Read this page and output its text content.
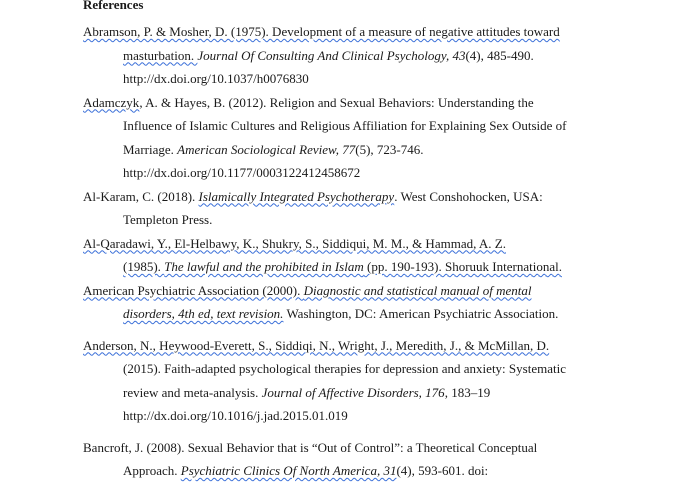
References
Abramson, P. & Mosher, D. (1975). Development of a measure of negative attitudes toward
masturbation. Journal Of Consulting And Clinical Psychology, 43(4), 485-490.
http://dx.doi.org/10.1037/h0076830
Adamczyk, A. & Hayes, B. (2012). Religion and Sexual Behaviors: Understanding the
Influence of Islamic Cultures and Religious Affiliation for Explaining Sex Outside of
Marriage. American Sociological Review, 77(5), 723-746.
http://dx.doi.org/10.1177/0003122412458672
Al-Karam, C. (2018). Islamically Integrated Psychotherapy. West Conshohocken, USA:
Templeton Press.
Al-Qaradawi, Y., El-Helbawy, K., Shukry, S., Siddiqui, M. M., & Hammad, A. Z.
(1985). The lawful and the prohibited in Islam (pp. 190-193). Shoruuk International.
American Psychiatric Association (2000). Diagnostic and statistical manual of mental
disorders, 4th ed, text revision. Washington, DC: American Psychiatric Association.
Anderson, N., Heywood-Everett, S., Siddiqi, N., Wright, J., Meredith, J., & McMillan, D.
(2015). Faith-adapted psychological therapies for depression and anxiety: Systematic
review and meta-analysis. Journal of Affective Disorders, 176, 183–19
http://dx.doi.org/10.1016/j.jad.2015.01.019
Bancroft, J. (2008). Sexual Behavior that is “Out of Control”: a Theoretical Conceptual
Approach. Psychiatric Clinics Of North America, 31(4), 593-601. doi:
